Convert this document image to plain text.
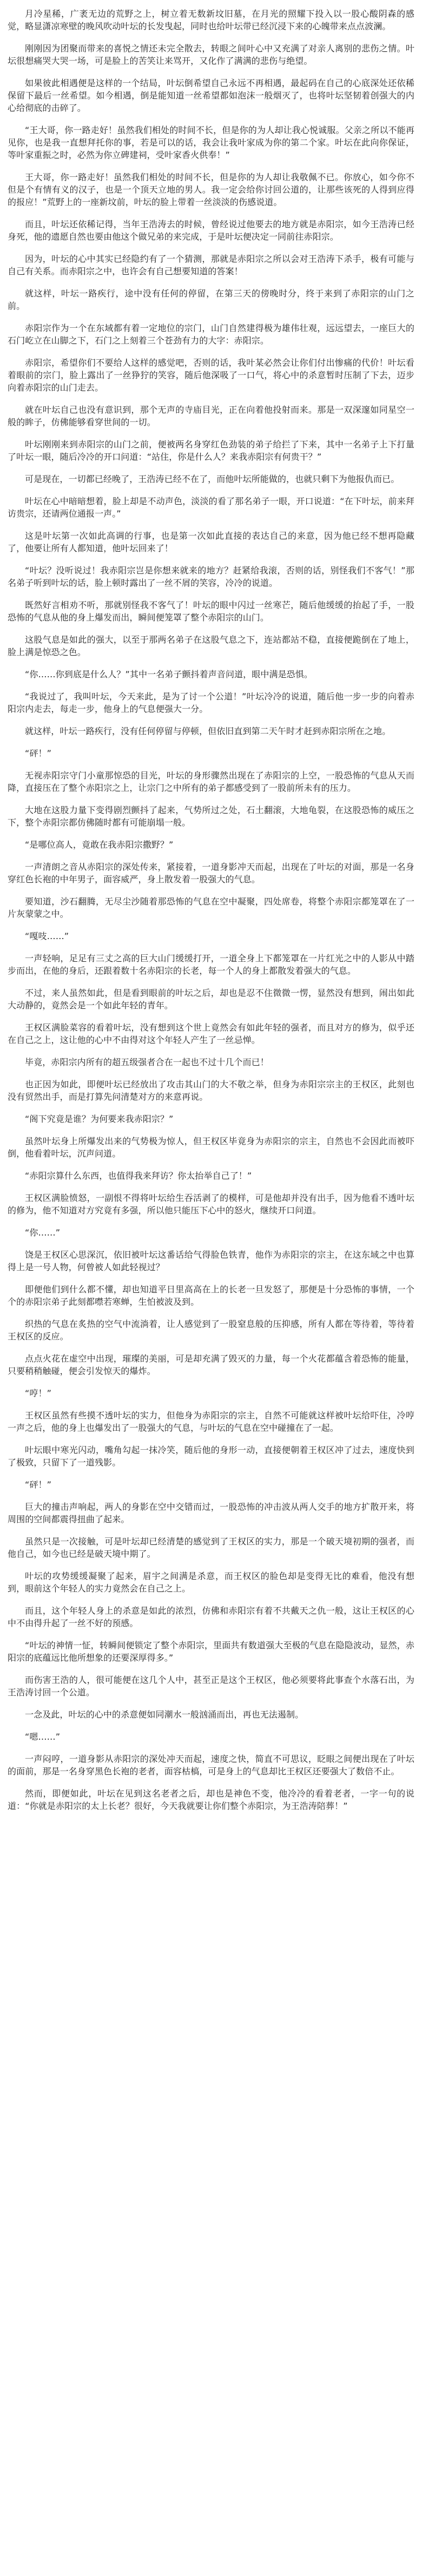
月冷星稀，广袤无边的荒野之上，树立着无数新坟旧墓，在月光的照耀下投入以一股心酸阴森的感觉，略显潇凉寒壁的晚风吹动叶坛的长发曳起，同时也给叶坛带已经沉浸下来的心魄带来点点波澜。

刚刚因为团聚而带来的喜悦之情还未完全散去，转眼之间叶心中又充满了对亲人离别的悲伤之情。叶坛很想痛哭大哭一场，可是脸上的苦笑让来骂开，又化作了满满的悲伤与绝望。

如果彼此相遇便是这样的一个结局，叶坛倒希望自己永远不再相遇，最起码在自己的心底深处还依稀保留下最后一丝希望。如今相遇，倒是能知道一丝希望都如泡沫一般烟灭了，也将叶坛坚韧着创强大的内心给彻底的击碎了。

“王大哥，你一路走好！虽然我们相处的时间不长，但是你的为人却让我心悦诚服。父亲之所以不能再见你，也是我一直想拜托你的事，若是可以的话，我会让我叶家成为你的第二个家。叶坛在此向你保证，等叶家重振之时，必然为你立碑建祠，受叶家香火供奉！”

王大哥，你一路走好！虽然我们相处的时间不长，但是你的为人却让我敬佩不已。你放心，如今你不但是个有情有义的汉子，也是一个顶天立地的男人。我一定会给你讨回公道的，让那些该死的人得到应得的报应！”荒野上的一座新坟前，叶坛的脸上带着一丝淡淡的伤感说道。

而且，叶坛还依稀记得，当年王浩涛去的时候，曾经说过他要去的地方就是赤阳宗，如今王浩涛已经身死，他的遗愿自然也要由他这个做兄弟的来完成，于是叶坛便决定一同前往赤阳宗。

因为，叶坛的心中其实已经隐约有了一个猜测，那就是赤阳宗之所以会对王浩涛下杀手，极有可能与自己有关系。而赤阳宗之中，也许会有自己想要知道的答案！

就这样，叶坛一路疾行，途中没有任何的停留，在第三天的傍晚时分，终于来到了赤阳宗的山门之前。

赤阳宗作为一个在东域都有着一定地位的宗门，山门自然建得极为雄伟壮观，远远望去，一座巨大的石门屹立在山脚之下，石门之上刻着三个苍劲有力的大字：赤阳宗。

赤阳宗，希望你们不要给人这样的感觉吧，否则的话，我叶某必然会让你们付出惨痛的代价！叶坛看着眼前的宗门，脸上露出了一丝狰狞的笑容，随后他深吸了一口气，将心中的杀意暂时压制了下去，迈步向着赤阳宗的山门走去。

就在叶坛自己也没有意识到，那个无声的寺庙目光，正在向着他投射而来。那是一双深邃如同星空一般的眸子，仿佛能够看穿世间的一切。

叶坛刚刚来到赤阳宗的山门之前，便被两名身穿红色劲装的弟子给拦了下来，其中一名弟子上下打量了叶坛一眼，随后冷冷的开口问道：“站住，你是什么人？来我赤阳宗有何贵干？”

可是现在，一切都已经晚了，王浩涛已经不在了，而他叶坛所能做的，也就只剩下为他报仇而已。

叶坛在心中暗暗想着，脸上却是不动声色，淡淡的看了那名弟子一眼，开口说道：“在下叶坛，前来拜访贵宗，还请两位通报一声。”

这是叶坛第一次如此高调的行事，也是第一次如此直接的表达自己的来意，因为他已经不想再隐藏了，他要让所有人都知道，他叶坛回来了！

“叶坛？没听说过！我赤阳宗岂是你想来就来的地方？赶紧给我滚，否则的话，别怪我们不客气！”那名弟子听到叶坛的话，脸上顿时露出了一丝不屑的笑容，冷冷的说道。

既然好言相劝不听，那就别怪我不客气了！叶坛的眼中闪过一丝寒芒，随后他缓缓的抬起了手，一股恐怖的气息从他的身上爆发而出，瞬间便笼罩了整个赤阳宗的山门。

这股气息是如此的强大，以至于那两名弟子在这股气息之下，连站都站不稳，直接便跪倒在了地上，脸上满是惊恐之色。

“你……你到底是什么人？”其中一名弟子颤抖着声音问道，眼中满是恐惧。

“我说过了，我叫叶坛，今天来此，是为了讨一个公道！”叶坛冷冷的说道，随后他一步一步的向着赤阳宗内走去，每走一步，他身上的气息便强大一分。

就这样，叶坛一路疾行，没有任何停留与停顿，但依旧直到第二天午时才赶到赤阳宗所在之地。

“砰！”

无视赤阳宗守门小童那惊恐的目光，叶坛的身形骤然出现在了赤阳宗的上空，一股恐怖的气息从天而降，直接压在了整个赤阳宗之上，让宗门之中所有的弟子都感受到了一股前所未有的压力。

大地在这股力量下变得剧烈颤抖了起来，气势所过之处，石土翻滚，大地龟裂，在这股恐怖的威压之下，整个赤阳宗都仿佛随时都有可能崩塌一般。

“是哪位高人，竟敢在我赤阳宗撒野？”

一声清朗之音从赤阳宗的深处传来，紧接着，一道身影冲天而起，出现在了叶坛的对面，那是一名身穿红色长袍的中年男子，面容威严，身上散发着一股强大的气息。

要知道，沙石翻腾，无尽尘沙随着那恐怖的气息在空中凝聚，四处席卷，将整个赤阳宗都笼罩在了一片灰蒙蒙之中。

“嘎吱……”

一声轻响，足足有三丈之高的巨大山门缓缓打开，一道全身上下都笼罩在一片红光之中的人影从中踏步而出，在他的身后，还跟着数十名赤阳宗的长老，每一个人的身上都散发着强大的气息。

不过，来人虽然如此，但是看到眼前的叶坛之后，却也是忍不住微微一愣，显然没有想到，闹出如此大动静的，竟然会是一个如此年轻的青年。

王权区满脸菜容的看着叶坛，没有想到这个世上竟然会有如此年轻的强者，而且对方的修为，似乎还在自己之上，这让他的心中不由得对这个年轻人产生了一丝忌惮。

毕竟，赤阳宗内所有的超五级强者合在一起也不过十几个而已！

也正因为如此，即便叶坛已经放出了攻击其山门的大不敬之举，但身为赤阳宗宗主的王权区，此刻也没有贸然出手，而是打算先问清楚对方的来意再说。

“阁下究竟是谁？为何要来我赤阳宗？”

虽然叶坛身上所爆发出来的气势极为惊人，但王权区毕竟身为赤阳宗的宗主，自然也不会因此而被吓倒，他看着叶坛，沉声问道。

“赤阳宗算什么东西，也值得我来拜访？你太抬举自己了！”

王权区满脸愤怒，一副恨不得将叶坛给生吞活剥了的模样，可是他却并没有出手，因为他看不透叶坛的修为，他不知道对方究竟有多强，所以他只能压下心中的怒火，继续开口问道。

“你……”

饶是王权区心思深沉，依旧被叶坛这番话给气得脸色铁青，他作为赤阳宗的宗主，在这东域之中也算得上是一号人物，何曾被人如此轻视过？

即便他们到什么都不懂，却也知道平日里高高在上的长老一旦发怒了，那便是十分恐怖的事情，一个个的赤阳宗弟子此刻都噤若寒蝉，生怕被波及到。

织热的气息在炙热的空气中流淌着，让人感觉到了一股窒息般的压抑感，所有人都在等待着，等待着王权区的反应。

点点火花在虚空中出现，璀璨的美丽，可是却充满了毁灭的力量，每一个火花都蕴含着恐怖的能量，只要稍稍触碰，便会引发惊天的爆炸。

“哼！”

王权区虽然有些摸不透叶坛的实力，但他身为赤阳宗的宗主，自然不可能就这样被叶坛给吓住，冷哼一声之后，他的身上也爆发出了一股强大的气息，与叶坛的气息在空中碰撞在了一起。

叶坛眼中寒光闪动，嘴角勾起一抹冷笑，随后他的身形一动，直接便朝着王权区冲了过去，速度快到了极致，只留下了一道残影。

“砰！”

巨大的撞击声响起，两人的身影在空中交错而过，一股恐怖的冲击波从两人交手的地方扩散开来，将周围的空间都震得扭曲了起来。

虽然只是一次接触，可是叶坛却已经清楚的感觉到了王权区的实力，那是一个破天境初期的强者，而他自己，如今也已经是破天境中期了。

叶坛的攻势缓缓凝聚了起来，眉宇之间满是杀意，而王权区的脸色却是变得无比的难看，他没有想到，眼前这个年轻人的实力竟然会在自己之上。

而且，这个年轻人身上的杀意是如此的浓烈，仿佛和赤阳宗有着不共戴天之仇一般，这让王权区的心中不由得升起了一丝不好的预感。

“叶坛的神情一怔，转瞬间便锁定了整个赤阳宗，里面共有数道强大至极的气息在隐隐波动，显然，赤阳宗的底蕴远比他所想象的还要深厚得多。”

而伤害王浩的人，很可能便在这几个人中，甚至正是这个王权区，他必须要将此事查个水落石出，为王浩涛讨回一个公道。

一念及此，叶坛的心中的杀意便如同潮水一般汹涌而出，再也无法遏制。

“嗯……”

一声闷哼，一道身影从赤阳宗的深处冲天而起，速度之快，简直不可思议，眨眼之间便出现在了叶坛的面前，那是一名身穿黑色长袍的老者，面容枯槁，可是身上的气息却比王权区还要强大了数倍不止。

然而，即便如此，叶坛在见到这名老者之后，却也是神色不变，他冷冷的看着老者，一字一句的说道：“你就是赤阳宗的太上长老？很好，今天我就要让你们整个赤阳宗，为王浩涛陪葬！”
